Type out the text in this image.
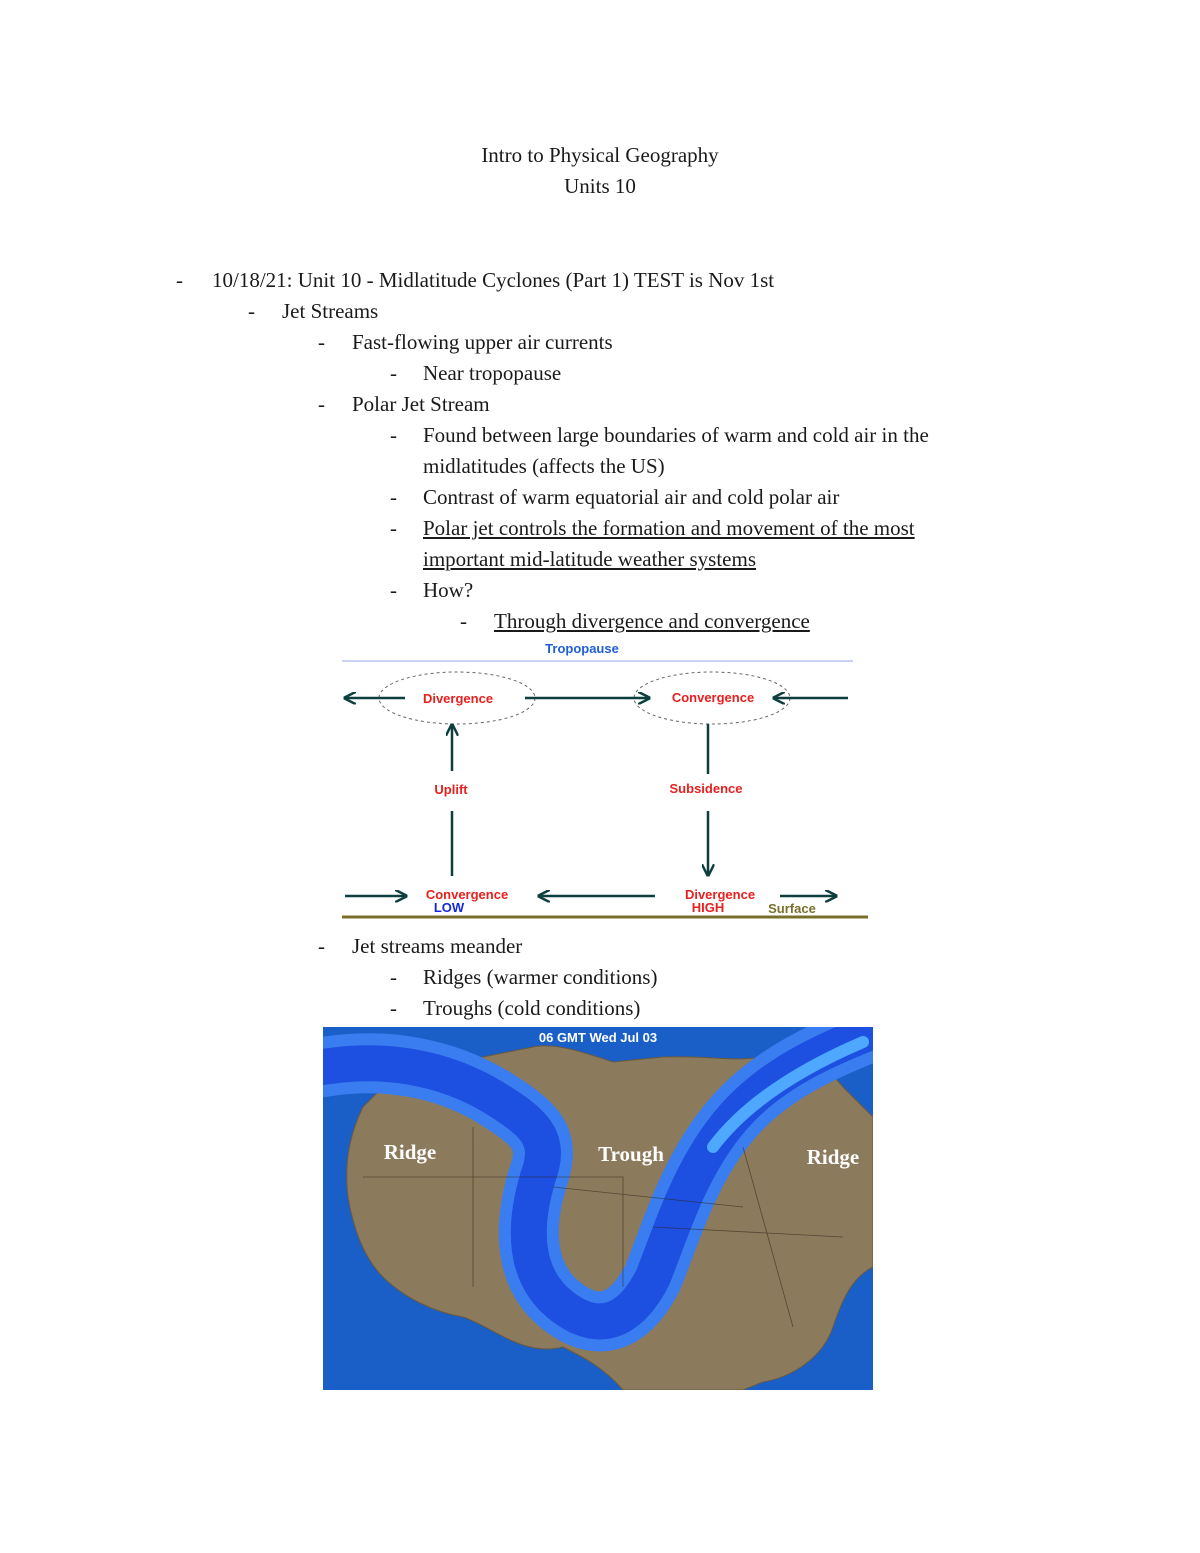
Intro to Physical Geography
Units 10
- 10/18/21: Unit 10 - Midlatitude Cyclones (Part 1) TEST is Nov 1st
- Jet Streams
- Fast-flowing upper air currents
- Near tropopause
- Polar Jet Stream
- Found between large boundaries of warm and cold air in the
midlatitudes (affects the US)
- Contrast of warm equatorial air and cold polar air
- Polar jet controls the formation and movement of the most
important mid-latitude weather systems
- How?
- Through divergence and convergence
Tropopause
Divergence	Convergence
Uplift	Subsidence
Convergence
LOW
Divergence
HIGH	Surface
- Jet streams meander
- Ridges (warmer conditions)
- Troughs (cold conditions)
06 GMT Wed Jul 03
Ridge	Trough	Ridge
